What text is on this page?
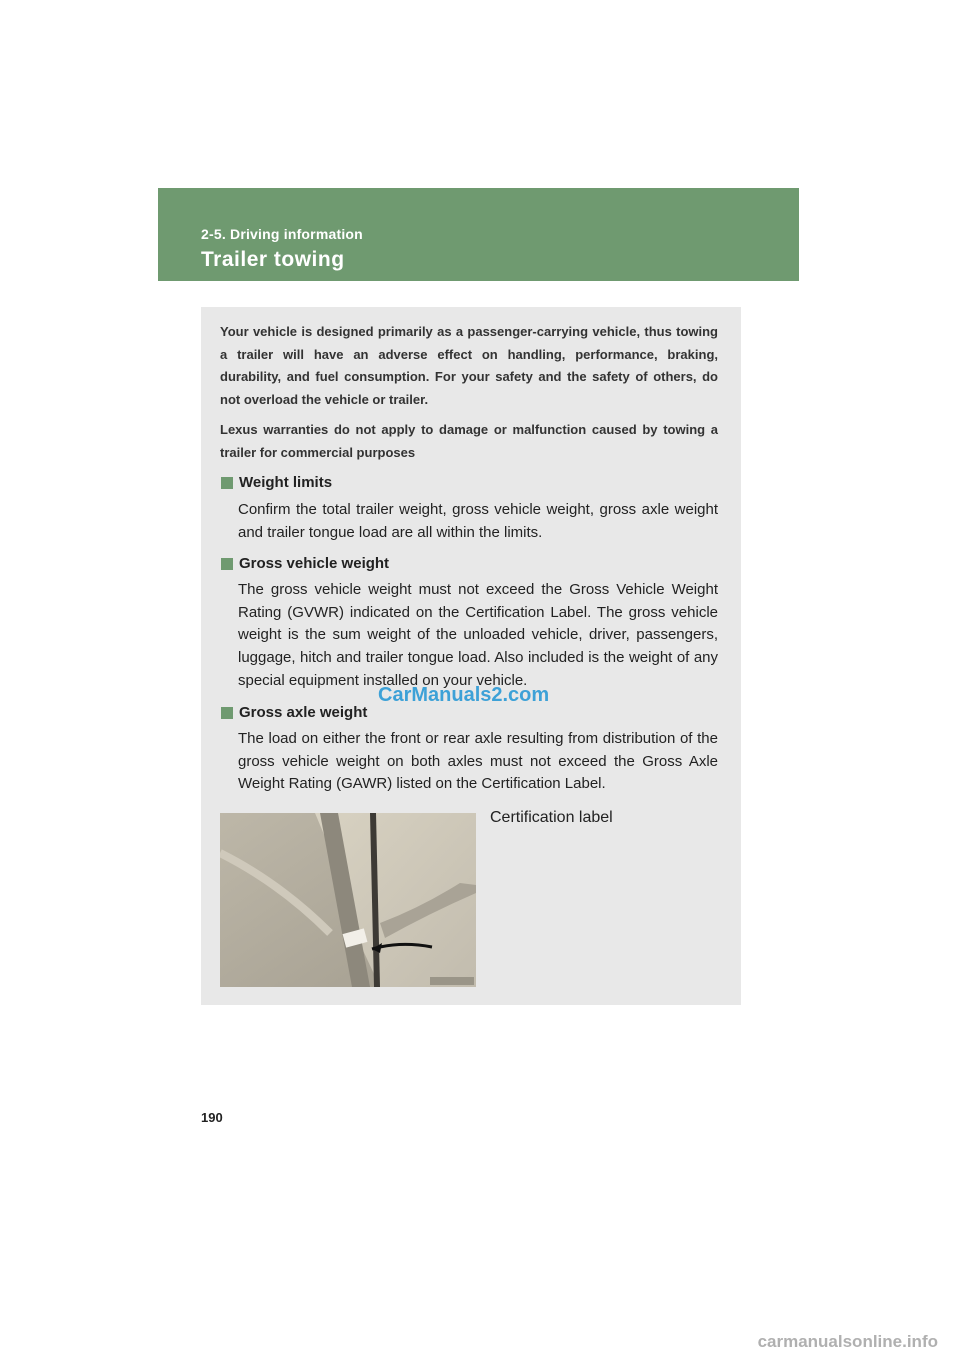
2-5. Driving information
Trailer towing

Your vehicle is designed primarily as a passenger-carrying vehicle, thus towing a trailer will have an adverse effect on handling, performance, braking, durability, and fuel consumption. For your safety and the safety of others, do not overload the vehicle or trailer.

Lexus warranties do not apply to damage or malfunction caused by towing a trailer for commercial purposes

Weight limits

Confirm the total trailer weight, gross vehicle weight, gross axle weight and trailer tongue load are all within the limits.

Gross vehicle weight

The gross vehicle weight must not exceed the Gross Vehicle Weight Rating (GVWR) indicated on the Certification Label. The gross vehicle weight is the sum weight of the unloaded vehicle, driver, passengers, luggage, hitch and trailer tongue load. Also included is the weight of any special equipment installed on your vehicle.

Gross axle weight

The load on either the front or rear axle resulting from distribution of the gross vehicle weight on both axles must not exceed the Gross Axle Weight Rating (GAWR) listed on the Certification Label.

Certification label
CarManuals2.com
190
carmanualsonline.info
